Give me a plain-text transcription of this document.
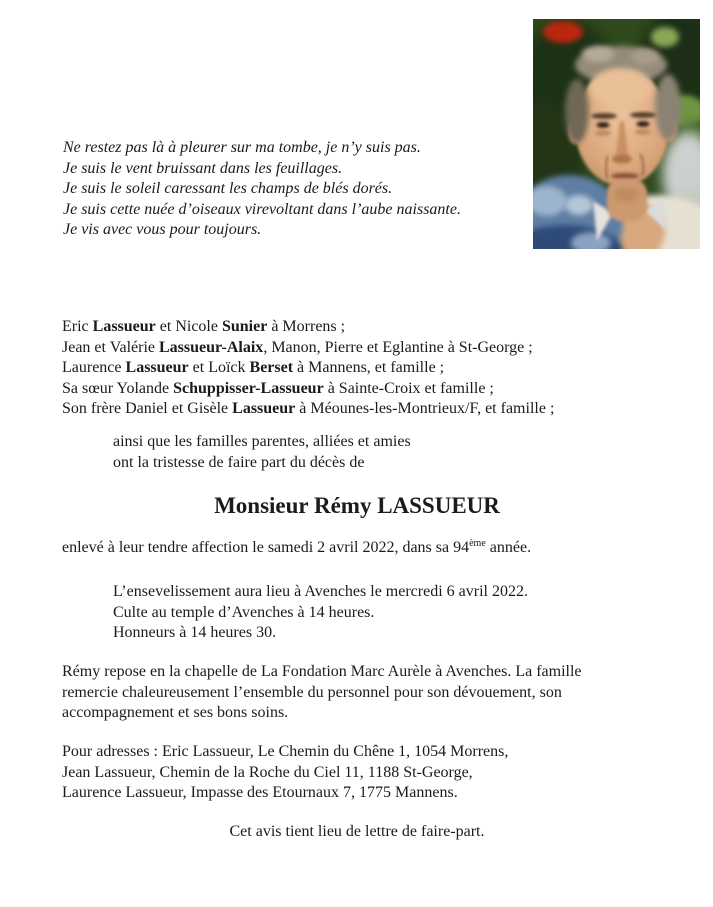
Ne restez pas là à pleurer sur ma tombe, je n’y suis pas.
Je suis le vent bruissant dans les feuillages.
Je suis le soleil caressant les champs de blés dorés.
Je suis cette nuée d’oiseaux virevoltant dans l’aube naissante.
Je vis avec vous pour toujours.
Eric Lassueur et Nicole Sunier à Morrens ;
Jean et Valérie Lassueur-Alaix, Manon, Pierre et Eglantine à St-George ;
Laurence Lassueur et Loïck Berset à Mannens, et famille ;
Sa sœur Yolande Schuppisser-Lassueur à Sainte-Croix et famille ;
Son frère Daniel et Gisèle Lassueur à Méounes-les-Montrieux/F, et famille ;
ainsi que les familles parentes, alliées et amies
ont la tristesse de faire part du décès de
Monsieur Rémy LASSUEUR
enlevé à leur tendre affection le samedi 2 avril 2022, dans sa 94ème année.
L’ensevelissement aura lieu à Avenches le mercredi 6 avril 2022.
Culte au temple d’Avenches à 14 heures.
Honneurs à 14 heures 30.
Rémy repose en la chapelle de La Fondation Marc Aurèle à Avenches. La famille
remercie chaleureusement l’ensemble du personnel pour son dévouement, son
accompagnement et ses bons soins.
Pour adresses : Eric Lassueur, Le Chemin du Chêne 1, 1054 Morrens,
Jean Lassueur, Chemin de la Roche du Ciel 11, 1188 St-George,
Laurence Lassueur, Impasse des Etournaux 7, 1775 Mannens.
Cet avis tient lieu de lettre de faire-part.
